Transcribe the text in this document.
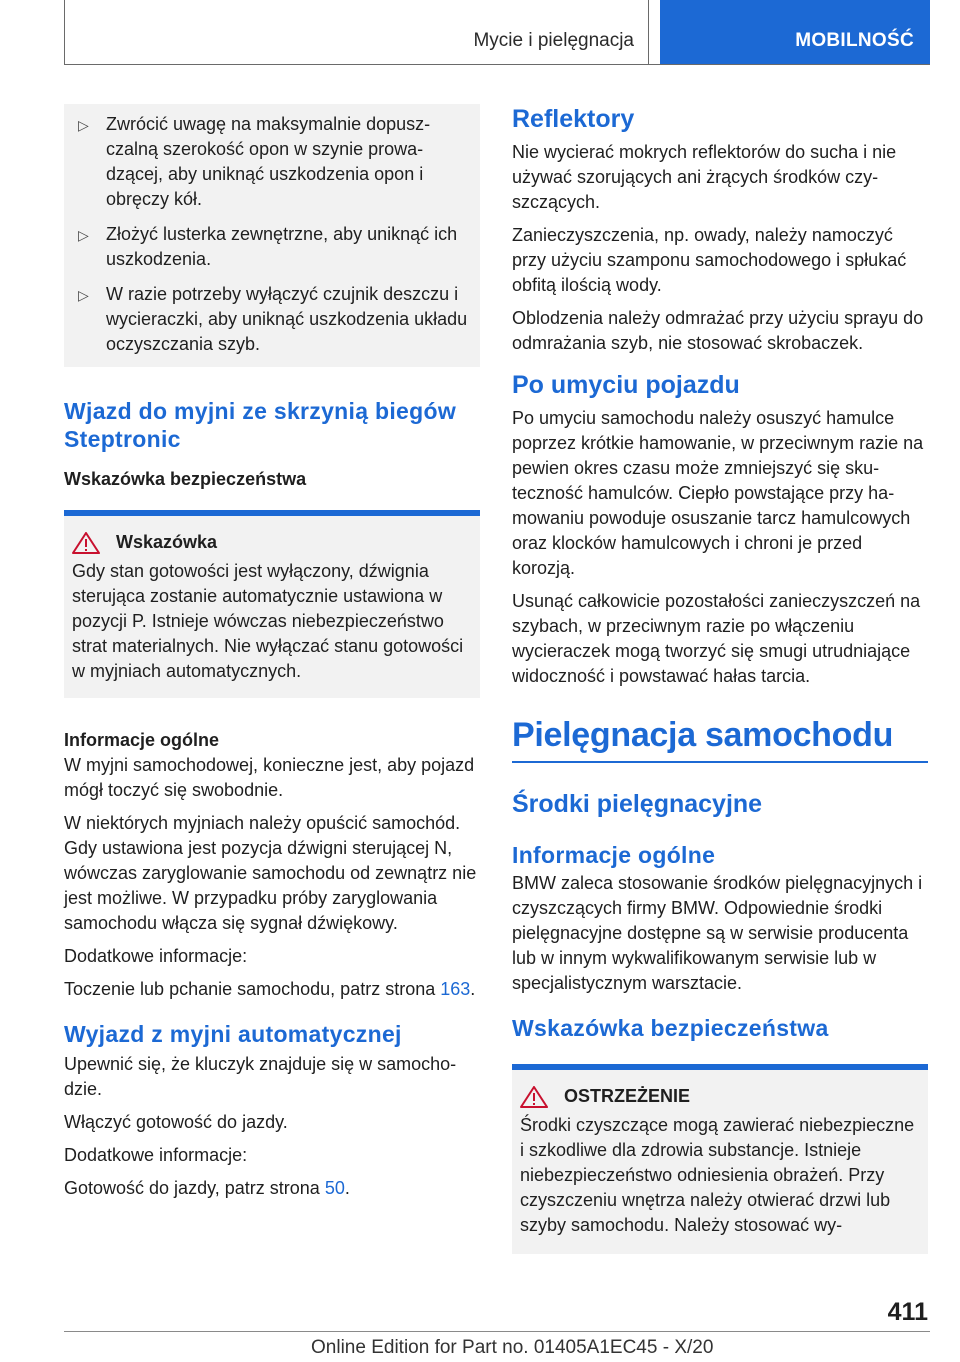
Mycie i pielęgnacja	MOBILNOŚĆ
▷ Zwrócić uwagę na maksymalnie dopuszczalną szerokość opon w szynie prowadzącej, aby uniknąć uszkodzenia opon i obręczy kół.
▷ Złożyć lusterka zewnętrzne, aby uniknąć ich uszkodzenia.
▷ W razie potrzeby wyłączyć czujnik deszczu i wycieraczki, aby uniknąć uszkodzenia układu oczyszczania szyb.
Wjazd do myjni ze skrzynią biegów Steptronic
Wskazówka bezpieczeństwa
Wskazówka

Gdy stan gotowości jest wyłączony, dźwignia sterująca zostanie automatycznie ustawiona w pozycji P. Istnieje wówczas niebezpieczeństwo strat materialnych. Nie wyłączać stanu gotowości w myjniach automatycznych.

Informacje ogólne

W myjni samochodowej, konieczne jest, aby pojazd mógł toczyć się swobodnie.

W niektórych myjniach należy opuścić samochód. Gdy ustawiona jest pozycja dźwigni sterującej N, wówczas zaryglowanie samochodu od zewnątrz nie jest możliwe. W przypadku próby zaryglowania samochodu włącza się sygnał dźwiękowy.

Dodatkowe informacje:

Toczenie lub pchanie samochodu, patrz strona 163.

Wyjazd z myjni automatycznej

Upewnić się, że kluczyk znajduje się w samochodzie.

Włączyć gotowość do jazdy.

Dodatkowe informacje:

Gotowość do jazdy, patrz strona 50.

Reflektory

Nie wycierać mokrych reflektorów do sucha i nie używać szorujących ani żrących środków czyszczących.

Zanieczyszczenia, np. owady, należy namoczyć przy użyciu szamponu samochodowego i spłukać obfitą ilością wody.

Oblodzenia należy odmrażać przy użyciu sprayu do odmrażania szyb, nie stosować skrobaczek.

Po umyciu pojazdu

Po umyciu samochodu należy osuszyć hamulce poprzez krótkie hamowanie, w przeciwnym razie na pewien okres czasu może zmniejszyć się skuteczność hamulców. Ciepło powstające przy hamowaniu powoduje osuszanie tarcz hamulcowych oraz klocków hamulcowych i chroni je przed korozją.

Usunąć całkowicie pozostałości zanieczyszczeń na szybach, w przeciwnym razie po włączeniu wycieraczek mogą tworzyć się smugi utrudniające widoczność i powstawać hałas tarcia.

Pielęgnacja samochodu
Środki pielęgnacyjne
Informacje ogólne

BMW zaleca stosowanie środków pielęgnacyjnych i czyszczących firmy BMW. Odpowiednie środki pielęgnacyjne dostępne są w serwisie producenta lub w innym wykwalifikowanym serwisie lub w specjalistycznym warsztacie.

Wskazówka bezpieczeństwa
OSTRZEŻENIE

Środki czyszczące mogą zawierać niebezpieczne i szkodliwe dla zdrowia substancje. Istnieje niebezpieczeństwo odniesienia obrażeń. Przy czyszczeniu wnętrza należy otwierać drzwi lub szyby samochodu. Należy stosować wy-

411
Online Edition for Part no. 01405A1EC45 - X/20
